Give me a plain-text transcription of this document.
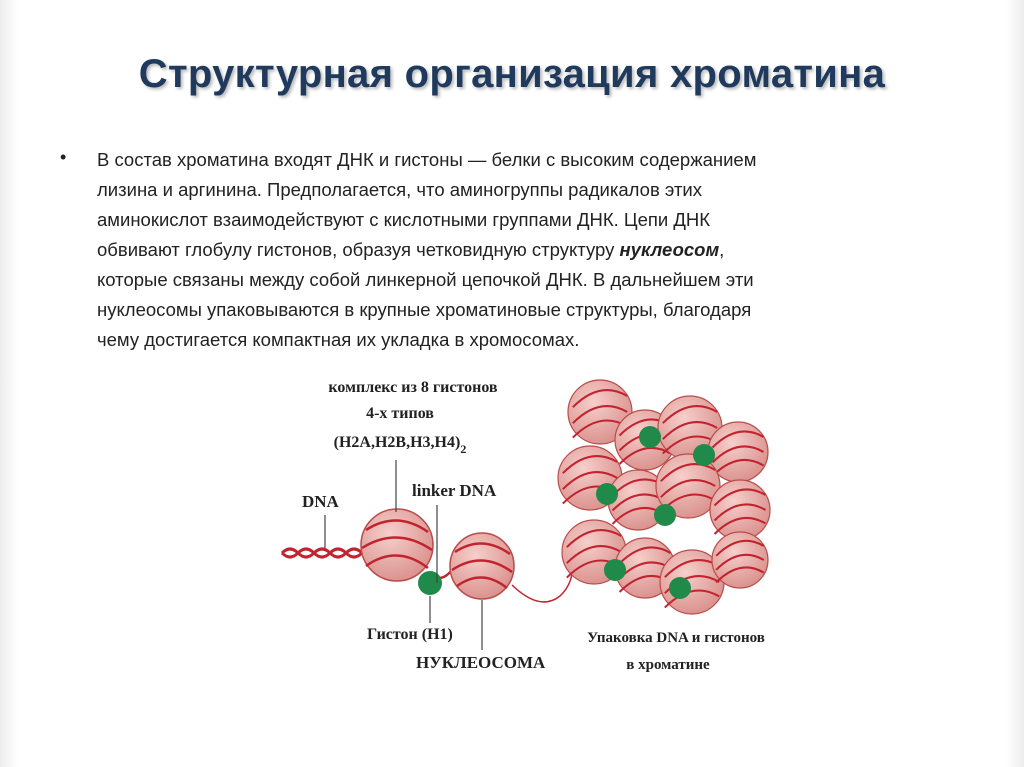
Структурная организация хроматина
• В состав хроматина входят ДНК и гистоны — белки с высоким содержанием

лизина и аргинина. Предполагается, что аминогруппы радикалов этих

аминокислот взаимодействуют с кислотными группами ДНК. Цепи ДНК

обвивают глобулу гистонов, образуя четковидную структуру нуклеосом,

которые связаны между собой линкерной цепочкой ДНК. В дальнейшем эти

нуклеосомы упаковываются в крупные хроматиновые структуры, благодаря

чему достигается компактная их укладка в хромосомах.

комплекс из 8 гистонов
4-х типов
$(H2A,H2B,H3,H4)_2$
DNA
linker DNA
Гистон (H1)
НУКЛЕОСОМА
Упаковка DNA и гистонов
в хроматине
